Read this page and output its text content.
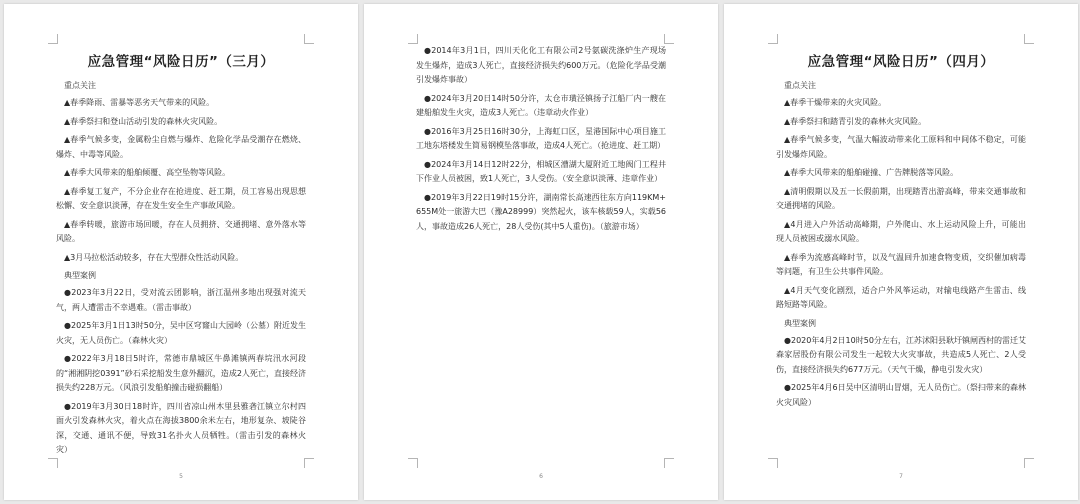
应急管理“风险日历”（三月）
重点关注
▲春季降雨、雷暴等恶劣天气带来的风险。
▲春季祭扫和登山活动引发的森林火灾风险。
▲春季气候多变，金属粉尘自燃与爆炸、危险化学品受潮存在燃烧、爆炸、中毒等风险。
▲春季大风带来的船舶倾覆、高空坠物等风险。
▲春季复工复产，不分企业存在抢进度、赶工期，员工容易出现思想松懈、安全意识淡薄，存在发生安全生产事故风险。
▲春季转暖，旅游市场回暖，存在人员拥挤、交通拥堵、意外落水等风险。
▲3月马拉松活动较多，存在大型群众性活动风险。
典型案例
●2023年3月22日，受对流云团影响，浙江温州多地出现强对流天气，两人遭雷击不幸遇难。（雷击事故）
●2025年3月1日13时50分，吴中区穹窿山大园岭（公墓）附近发生火灾，无人员伤亡。（森林火灾）
●2022年3月18日5时许，常德市鼎城区牛鼻滩镇两春垸汛水河段的“湘湘阴挖0391”砂石采挖船发生意外翻沉，造成2人死亡，直接经济损失约228万元。（风浪引发船舶撞击碰损翻船）
●2019年3月30日18时许，四川省凉山州木里县雅砻江镇立尔村四面火引发森林火灾，着火点在海拔3800余米左右，地形复杂、坡陡谷深，交通、通讯不便，导致31名扑火人员牺牲。（雷击引发的森林火灾）
5
●2014年3月1日，四川天化化工有限公司2号氨碳洗涤炉生产现场发生爆炸，造成3人死亡，直接经济损失约600万元。（危险化学品受潮引发爆炸事故）
●2024年3月20日14时50分许，太仓市璜泾镇扬子江船厂内一艘在建船舶发生火灾，造成3人死亡。（违章动火作业）
●2016年3月25日16时30分，上海虹口区，星港国际中心项目施工工地东塔楼发生简易钢模坠落事故，造成4人死亡。（抢进度、赶工期）
●2024年3月14日12时22分，相城区漕湖大厦附近工地阀门工程井下作业人员被困，致1人死亡，3人受伤。（安全意识淡薄、违章作业）
●2019年3月22日19时15分许，湖南常长高速西往东方向119KM+655M处一旅游大巴（豫A28999）突然起火，该车核载59人，实载56人，事故造成26人死亡，28人受伤(其中5人重伤)。（旅游市场）
6
应急管理“风险日历”（四月）
重点关注
▲春季干燥带来的火灾风险。
▲春季祭扫和踏青引发的森林火灾风险。
▲春季气候多变，气温大幅波动带来化工原料和中间体不稳定，可能引发爆炸风险。
▲春季大风带来的船舶碰撞、广告牌脱落等风险。
▲清明假期以及五一长假前期，出现踏青出游高峰，带来交通事故和交通拥堵的风险。
▲4月进入户外活动高峰期，户外爬山、水上运动风险上升，可能出现人员被困或溺水风险。
▲春季为流感高峰时节，以及气温回升加速食物变质，交织催加病毒等问题，有卫生公共事件风险。
▲4月天气变化剧烈，适合户外风筝运动，对输电线路产生雷击、线路短路等风险。
典型案例
●2020年4月2日10时50分左右，江苏沭阳县耿圩镇闸西村的雷迁艾森家居股份有限公司发生一起较大火灾事故，共造成5人死亡、2人受伤，直接经济损失约677万元。（天气干燥，静电引发火灾）
●2025年4月6日吴中区清明山冒烟，无人员伤亡。（祭扫带来的森林火灾风险）
7
